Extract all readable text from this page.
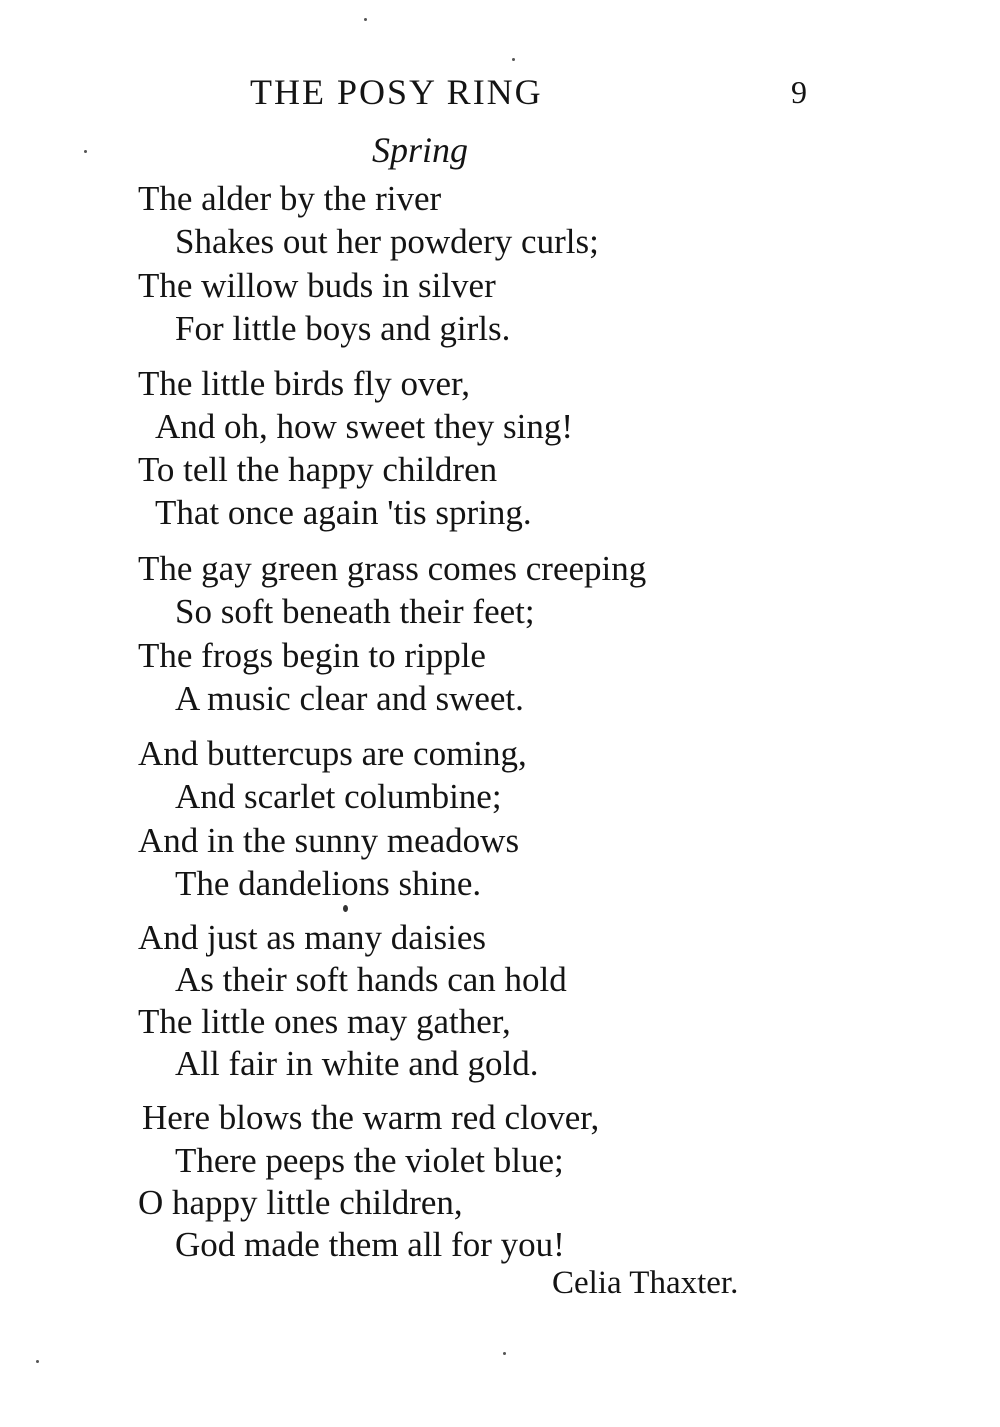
THE POSY RING	9
Spring
The alder by the river
Shakes out her powdery curls;
The willow buds in silver
For little boys and girls.
The little birds fly over,
And oh, how sweet they sing!
To tell the happy children
That once again 'tis spring.
The gay green grass comes creeping
So soft beneath their feet;
The frogs begin to ripple
A music clear and sweet.
And buttercups are coming,
And scarlet columbine;
And in the sunny meadows
The dandelions shine.
And just as many daisies
As their soft hands can hold
The little ones may gather,
All fair in white and gold.
Here blows the warm red clover,
There peeps the violet blue;
O happy little children,
God made them all for you!
Celia Thaxter.
